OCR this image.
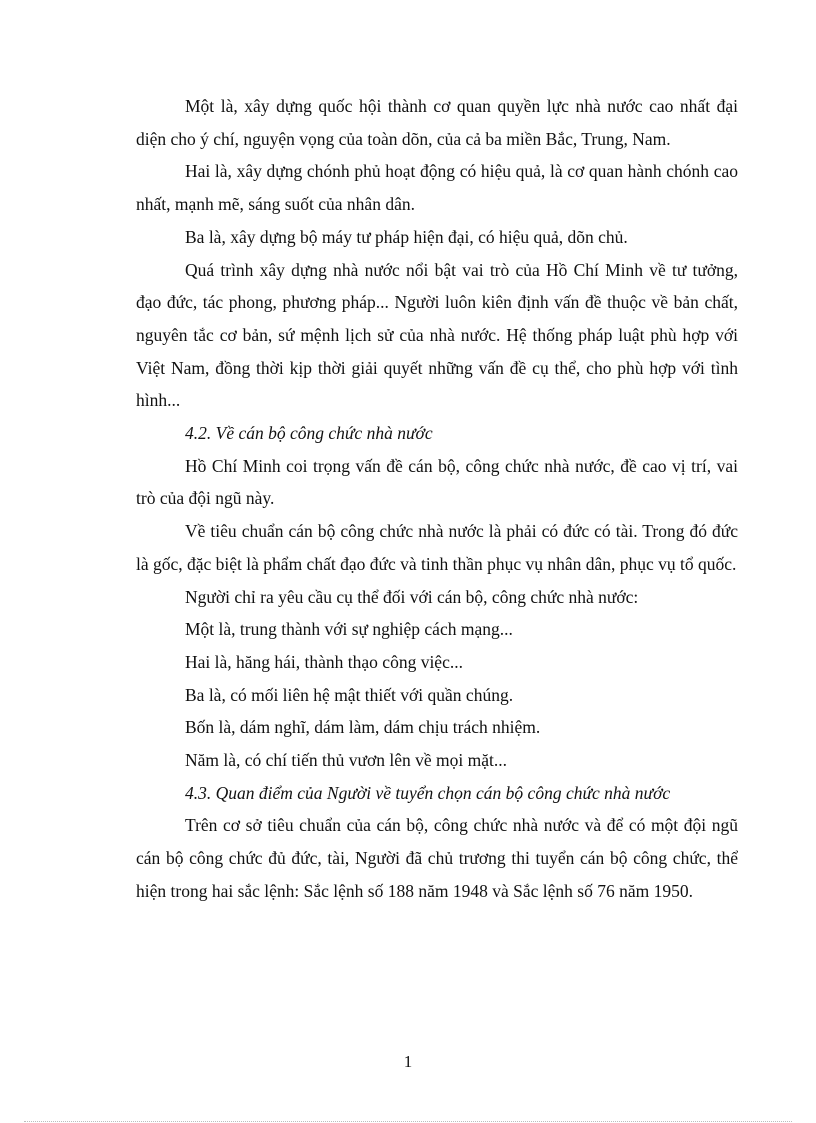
Một là, xây dựng quốc hội thành cơ quan quyền lực nhà nước cao nhất đại diện cho ý chí, nguyện vọng của toàn dõn, của cả ba miền Bắc, Trung, Nam.

Hai là, xây dựng chónh phủ hoạt động có hiệu quả, là cơ quan hành chónh cao nhất, mạnh mẽ, sáng suốt của nhân dân.

Ba là, xây dựng bộ máy tư pháp hiện đại, có hiệu quả, dõn chủ.

Quá trình xây dựng nhà nước nổi bật vai trò của Hồ Chí Minh về tư tưởng, đạo đức, tác phong, phương pháp... Người luôn kiên định vấn đề thuộc về bản chất, nguyên tắc cơ bản, sứ mệnh lịch sử của nhà nước. Hệ thống pháp luật phù hợp với Việt Nam, đồng thời kịp thời giải quyết những vấn đề cụ thể, cho phù hợp với tình hình...

4.2. Về cán bộ công chức nhà nước

Hồ Chí Minh coi trọng vấn đề cán bộ, công chức nhà nước, đề cao vị trí, vai trò của đội ngũ này.

Về tiêu chuẩn cán bộ công chức nhà nước là phải có đức có tài. Trong đó đức là gốc, đặc biệt là phẩm chất đạo đức và tinh thần phục vụ nhân dân, phục vụ tổ quốc.

Người chỉ ra yêu cầu cụ thể đối với cán bộ, công chức nhà nước:

Một là, trung thành với sự nghiệp cách mạng...

Hai là, hăng hái, thành thạo công việc...

Ba là, có mối liên hệ mật thiết với quần chúng.

Bốn là, dám nghĩ, dám làm, dám chịu trách nhiệm.

Năm là, có chí tiến thủ vươn lên về mọi mặt...

4.3. Quan điểm của Người về tuyển chọn cán bộ công chức nhà nước

Trên cơ sở tiêu chuẩn của cán bộ, công chức nhà nước và để có một đội ngũ cán bộ công chức đủ đức, tài, Người đã chủ trương thi tuyển cán bộ công chức, thể hiện trong hai sắc lệnh: Sắc lệnh số 188 năm 1948 và Sắc lệnh số 76 năm 1950.

1
